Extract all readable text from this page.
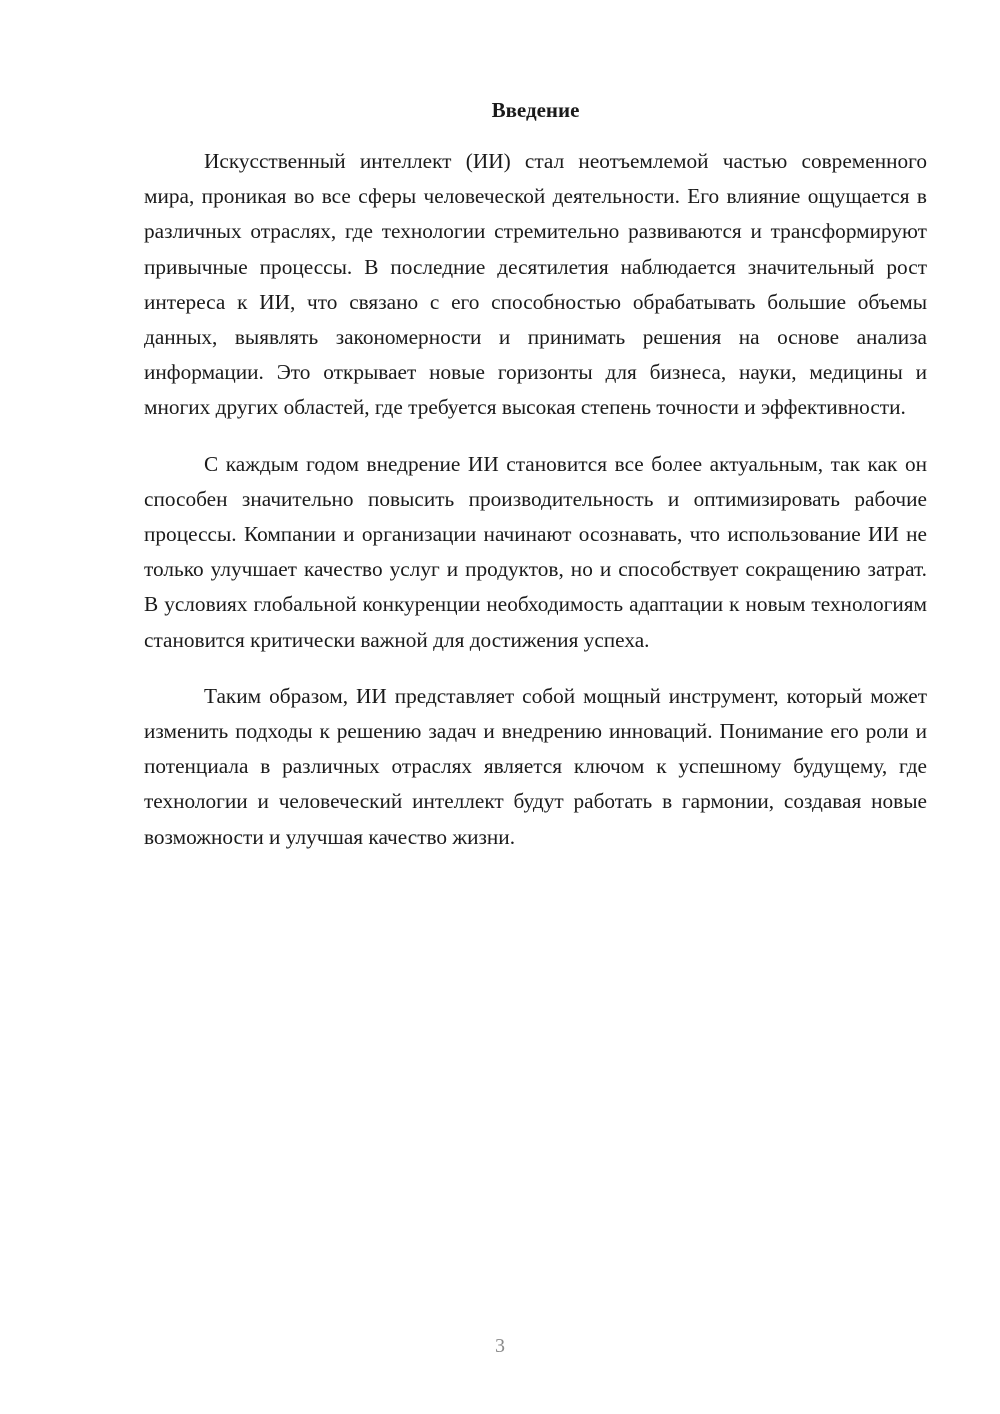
Введение

Искусственный интеллект (ИИ) стал неотъемлемой частью современного мира, проникая во все сферы человеческой деятельности. Его влияние ощущается в различных отраслях, где технологии стремительно развиваются и трансформируют привычные процессы. В последние десятилетия наблюдается значительный рост интереса к ИИ, что связано с его способностью обрабатывать большие объемы данных, выявлять закономерности и принимать решения на основе анализа информации. Это открывает новые горизонты для бизнеса, науки, медицины и многих других областей, где требуется высокая степень точности и эффективности.

С каждым годом внедрение ИИ становится все более актуальным, так как он способен значительно повысить производительность и оптимизировать рабочие процессы. Компании и организации начинают осознавать, что использование ИИ не только улучшает качество услуг и продуктов, но и способствует сокращению затрат. В условиях глобальной конкуренции необходимость адаптации к новым технологиям становится критически важной для достижения успеха.

Таким образом, ИИ представляет собой мощный инструмент, который может изменить подходы к решению задач и внедрению инноваций. Понимание его роли и потенциала в различных отраслях является ключом к успешному будущему, где технологии и человеческий интеллект будут работать в гармонии, создавая новые возможности и улучшая качество жизни.

3
